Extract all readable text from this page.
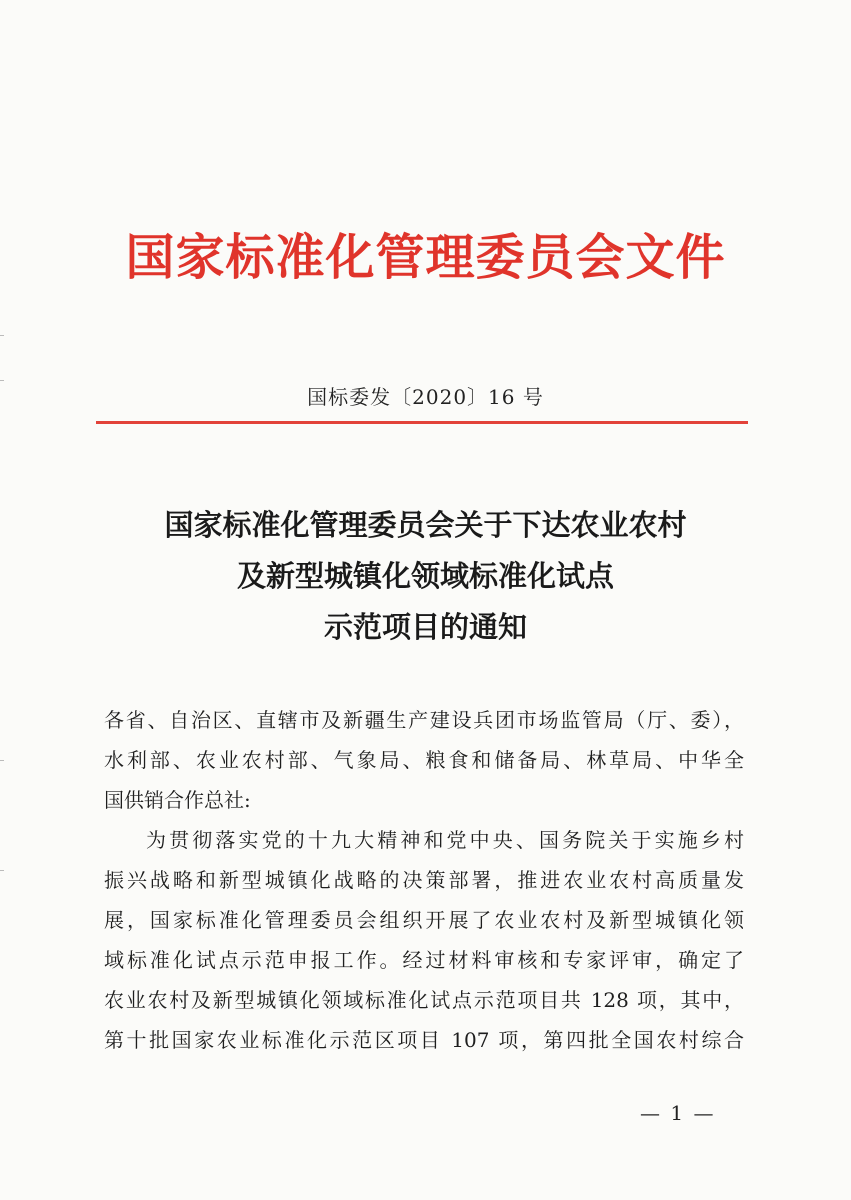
国家标准化管理委员会文件
国标委发〔2020〕16 号
国家标准化管理委员会关于下达农业农村
及新型城镇化领域标准化试点
示范项目的通知
各省、自治区、直辖市及新疆生产建设兵团市场监管局（厅、委），
水利部、农业农村部、气象局、粮食和储备局、林草局、中华全
国供销合作总社:
为贯彻落实党的十九大精神和党中央、国务院关于实施乡村
振兴战略和新型城镇化战略的决策部署，推进农业农村高质量发
展，国家标准化管理委员会组织开展了农业农村及新型城镇化领
域标准化试点示范申报工作。经过材料审核和专家评审，确定了
农业农村及新型城镇化领域标准化试点示范项目共 128 项，其中，
第十批国家农业标准化示范区项目 107 项，第四批全国农村综合
— 1 —
